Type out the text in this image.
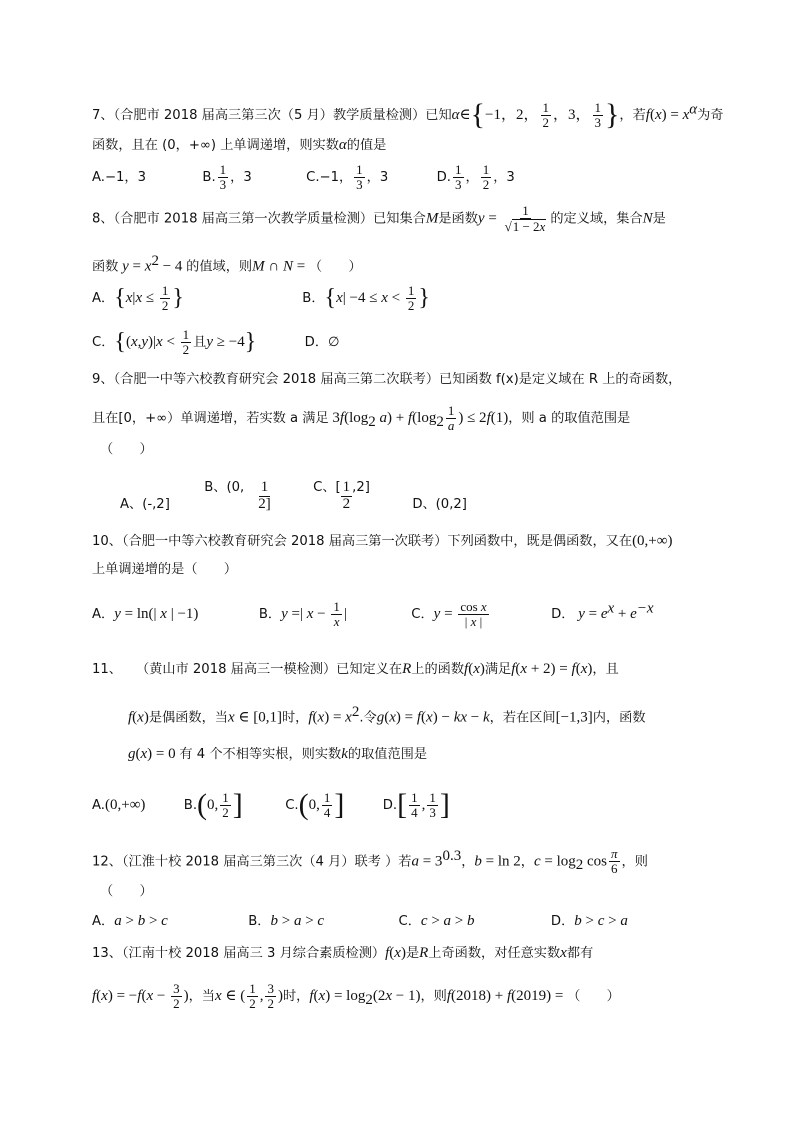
7、（合肥市 2018 届高三第三次（5 月）教学质量检测）已知α∈{−1，2， $\frac{1}{2}$ ，3， $\frac{1}{3}$ }，若$f(x) = x^\alpha$为奇
函数，且在 (0，+∞) 上单调递增，则实数α的值是
A.−1，3	B. $\frac{1}{3}$ ，3	C.−1， $\frac{1}{3}$ ，3	D. $\frac{1}{3}$ ， $\frac{1}{2}$ ，3
8、（合肥市 2018 届高三第一次教学质量检测）已知集合M是函数$y = \frac{1}{√1 - 2x}$ 的定义域，集合N是
函数 $y = x^2 - 4$ 的值域，则M ∩ N = （　　）
A．{$x|x \le \frac{1}{2}$ }	B．{$x| -4 \le x < \frac{1}{2}$ }
C．{$(x,y)|x < \frac{1}{2}$ 且y ≥ −4}	D．∅
9、（合肥一中等六校教育研究会 2018 届高三第二次联考）已知函数 f(x)是定义域在 R 上的奇函数，
且在[0，+∞）单调递增，若实数 a 满足 $3f(\log_2$ $a) + f(\log_2 \frac{1}{a}$ ) ≤ 2f(1)，则 a 的取值范围是
（　　）
A、(-,2]  B、(0, $\frac{1}{2]}$	C、[ $\frac{1}{2} ,2$]  D、(0,2]
10、（合肥一中等六校教育研究会 2018 届高三第一次联考）下列函数中，既是偶函数，又在(0,+∞)
上单调递增的是（　　）
A．y = ln(| x | −1)	B．y =| $x - \frac{1}{x}$ |	C．$y = \frac{\text{cos x}}{| x |}$	D． $y = e^x + e^{-x}$
11、 （黄山市 2018 届高三一模检测）已知定义在R上的函数f(x)满足f(x + 2) = f(x)，且
f(x)是偶函数，当x ∈ [0,1]时，$f(x) = x^2$.令g(x) = f(x) − kx − k，若在区间[−1,3]内，函数
g(x) = 0 有 4 个不相等实根，则实数k的取值范围是
A.(0,+∞)	B.(0, $\frac{1}{2}$ ]	C.(0, $\frac{1}{4}$ ]	$D.[ \frac{1}{4}$ , $\frac{1}{3}$ ]
12、（江淮十校 2018 届高三第三次（4 月）联考 ）若$a = 3^{0.3}$，b = ln 2，$c = \log_2 \cos \frac{\pi}{6}$ ，则
（　　）
A．a > b > c	B．b > a > c	C．c > a > b	D．b > c > a
13、（江南十校 2018 届高三 3 月综合素质检测）f(x)是R上奇函数，对任意实数x都有
$f(x) = -f(x - \frac{3}{2}$ )，当x ∈ ( $\frac{1}{2}$ , $\frac{3}{2}$ )时，$f(x) = \log_2(2x - 1)$，则f(2018) + f(2019) = （　　）
